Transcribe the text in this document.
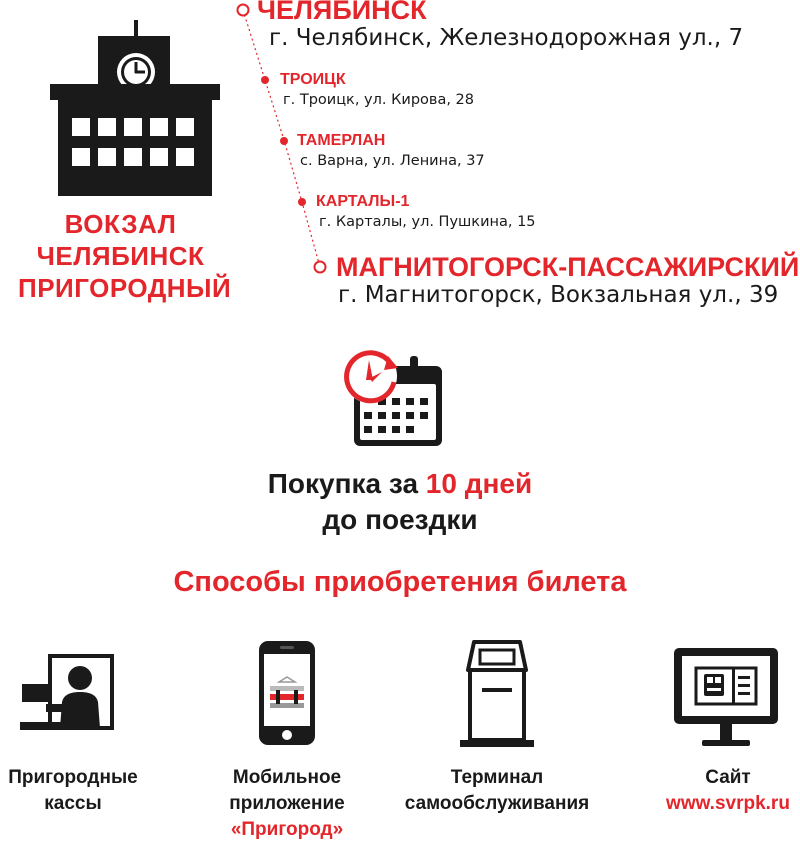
ВОКЗАЛ
ЧЕЛЯБИНСК
ПРИГОРОДНЫЙ
ЧЕЛЯБИНСК
г. Челябинск, Железнодорожная ул., 7
ТРОИЦК
г. Троицк, ул. Кирова, 28
ТАМЕРЛАН
с. Варна, ул. Ленина, 37
КАРТАЛЫ-1
г. Карталы, ул. Пушкина, 15
МАГНИТОГОРСК-ПАССАЖИРСКИЙ
г. Магнитогорск, Вокзальная ул., 39
Покупка за 10 дней
до поездки
Способы приобретения билета
Пригородные
кассы
Мобильное
приложение
«Пригород»
Терминал
самообслуживания
Сайт
www.svrpk.ru
